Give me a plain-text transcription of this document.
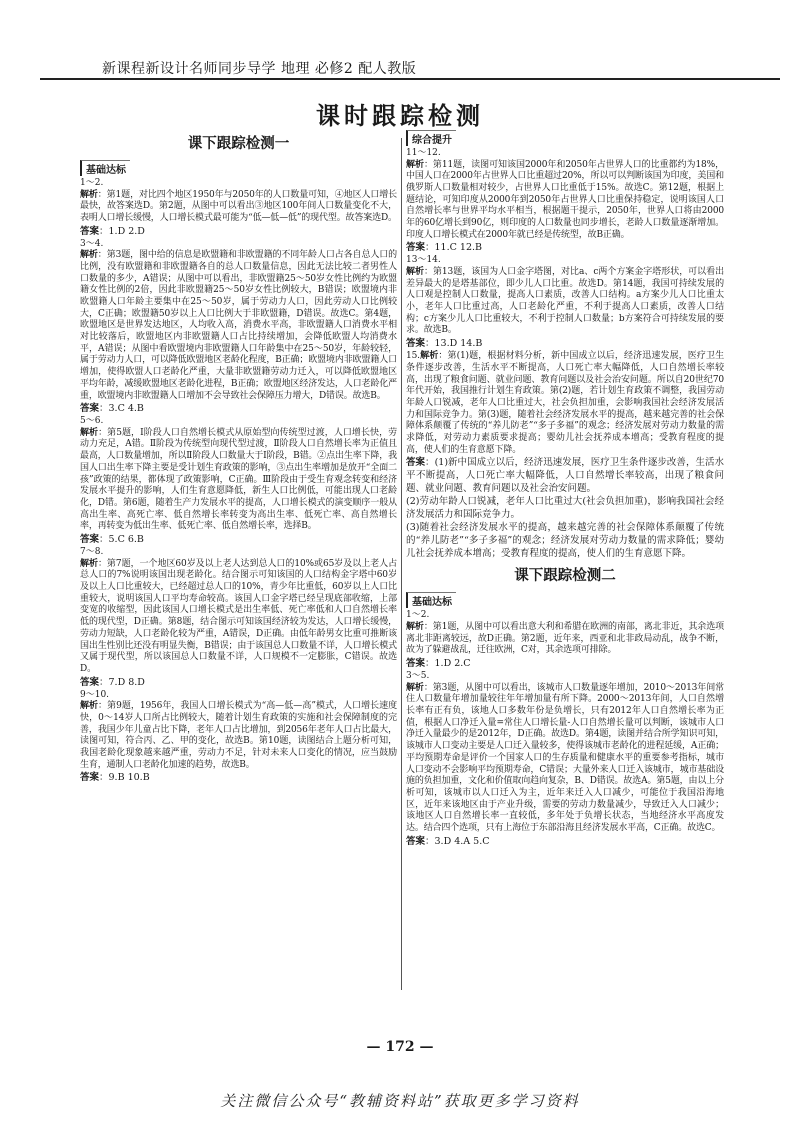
新课程新设计名师同步导学 地理 必修2 配人教版
课时跟踪检测
课下跟踪检测一
基础达标
1～2.

解析：第1题，对比四个地区1950年与2050年的人口数量可知，④地区人口增长最快，故答案选D。第2题，从图中可以看出③地区100年间人口数量变化不大，表明人口增长缓慢，人口增长模式最可能为“低—低—低”的现代型。故答案选D。

答案：1.D 2.D

3～4.

解析：第3题，图中给的信息是欧盟籍和非欧盟籍的不同年龄人口占各自总人口的比例，没有欧盟籍和非欧盟籍各自的总人口数量信息，因此无法比较二者男性人口数量的多少，A错误；从图中可以看出，非欧盟籍25～50岁女性比例约为欧盟籍女性比例的2倍，因此非欧盟籍25～50岁女性比例较大，B错误；欧盟境内非欧盟籍人口年龄主要集中在25～50岁，属于劳动力人口，因此劳动人口比例较大，C正确；欧盟籍50岁以上人口比例大于非欧盟籍，D错误。故选C。第4题，欧盟地区是世界发达地区，人均收入高，消费水平高，非欧盟籍人口消费水平相对比较落后，欧盟地区内非欧盟籍人口占比持续增加，会降低欧盟人均消费水平，A错误；从图中看欧盟境内非欧盟籍人口年龄集中在25～50岁，年龄较轻，属于劳动力人口，可以降低欧盟地区老龄化程度，B正确；欧盟境内非欧盟籍人口增加，使得欧盟人口老龄化严重，大量非欧盟籍劳动力迁入，可以降低欧盟地区平均年龄，减缓欧盟地区老龄化进程，B正确；欧盟地区经济发达，人口老龄化严重，欧盟境内非欧盟籍人口增加不会导致社会保障压力增大，D错误。故选B。

答案：3.C 4.B

5～6.

解析：第5题，Ⅰ阶段人口自然增长模式从原始型向传统型过渡，人口增长快，劳动力充足，A错。Ⅱ阶段为传统型向现代型过渡，Ⅱ阶段人口自然增长率为正值且最高，人口数量增加，所以Ⅱ阶段人口数量大于Ⅰ阶段，B错。②点出生率下降，我国人口出生率下降主要是受计划生育政策的影响，③点出生率增加是放开“全面二孩”政策的结果，都体现了政策影响，C正确。Ⅲ阶段由于受生育观念转变和经济发展水平提升的影响，人们生育意愿降低，新生人口比例低，可能出现人口老龄化，D错。第6题，随着生产力发展水平的提高，人口增长模式的演变顺序一般从高出生率、高死亡率、低自然增长率转变为高出生率、低死亡率、高自然增长率，再转变为低出生率、低死亡率、低自然增长率，选择B。

答案：5.C 6.B

7～8.

解析：第7题，一个地区60岁及以上老人达到总人口的10%或65岁及以上老人占总人口的7%说明该国出现老龄化。结合图示可知该国的人口结构金字塔中60岁及以上人口比重较大，已经超过总人口的10%，青少年比重低，60岁以上人口比重较大，说明该国人口平均寿命较高。该国人口金字塔已经呈现底部收缩，上部变宽的收缩型，因此该国人口增长模式是出生率低、死亡率低和人口自然增长率低的现代型，D正确。第8题，结合图示可知该国经济较为发达，人口增长缓慢，劳动力短缺，人口老龄化较为严重，A错误，D正确。由低年龄男女比重可推断该国出生性别比还没有明显失衡，B错误；由于该国总人口数量不详，人口增长模式又属于现代型，所以该国总人口数量不详，人口规模不一定膨胀，C错误。故选D。

答案：7.D 8.D

9～10.

解析：第9题，1956年，我国人口增长模式为“高—低—高”模式，人口增长速度快，0～14岁人口所占比例较大，随着计划生育政策的实施和社会保障制度的完善，我国少年儿童占比下降，老年人口占比增加，到2056年老年人口占比最大，读图可知，符合丙、乙、甲的变化，故选B。第10题，读图结合上题分析可知，我国老龄化现象越来越严重，劳动力不足，针对未来人口变化的情况，应当鼓励生育，通制人口老龄化加速的趋势，故选B。

答案：9.B 10.B

综合提升
11～12.

解析：第11题，读图可知该国2000年和2050年占世界人口的比重都约为18%，中国人口在2000年占世界人口比重超过20%，所以可以判断该国为印度，美国和俄罗斯人口数量相对较少，占世界人口比重低于15%。故选C。第12题，根据上题结论，可知印度从2000年到2050年占世界人口比重保持稳定，说明该国人口自然增长率与世界平均水平相当，根据题干提示，2050年，世界人口将由2000年的60亿增长到90亿，则印度的人口数量也同步增长，老龄人口数量逐渐增加。印度人口增长模式在2000年就已经是传统型，故B正确。

答案：11.C 12.B

13～14.

解析：第13题，该国为人口金字塔图，对比a、c两个方案金字塔形状，可以看出差异最大的是塔基部位，即少儿人口比重。故选D。第14题，我国可持续发展的人口观是控制人口数量，提高人口素质，改善人口结构。a方案少儿人口比重太小，老年人口比重过高，人口老龄化严重，不利于提高人口素质，改善人口结构；c方案少儿人口比重较大，不利于控制人口数量；b方案符合可持续发展的要求。故选B。

答案：13.D 14.B

15.解析：第(1)题，根据材料分析，新中国成立以后，经济迅速发展，医疗卫生条件逐步改善，生活水平不断提高，人口死亡率大幅降低，人口自然增长率较高，出现了粮食问题、就业问题、教育问题以及社会治安问题。所以自20世纪70年代开始，我国推行计划生育政策。第(2)题，若计划生育政策不调整，我国劳动年龄人口锐减，老年人口比重过大，社会负担加重，会影响我国社会经济发展活力和国际竞争力。第(3)题，随着社会经济发展水平的提高，越来越完善的社会保障体系颠覆了传统的“养儿防老”“多子多福”的观念；经济发展对劳动力数量的需求降低，对劳动力素质要求提高；婴幼儿社会抚养成本增高；受教育程度的提高，使人们的生育意愿下降。

答案：(1)新中国成立以后，经济迅速发展，医疗卫生条件逐步改善，生活水平不断提高，人口死亡率大幅降低，人口自然增长率较高，出现了粮食问题、就业问题、教育问题以及社会治安问题。

(2)劳动年龄人口锐减，老年人口比重过大(社会负担加重)，影响我国社会经济发展活力和国际竞争力。

(3)随着社会经济发展水平的提高，越来越完善的社会保障体系颠覆了传统的“养儿防老”“多子多福”的观念；经济发展对劳动力数量的需求降低；婴幼儿社会抚养成本增高；受教育程度的提高，使人们的生育意愿下降。

课下跟踪检测二
基础达标
1～2.

解析：第1题，从图中可以看出意大利和希腊在欧洲的南部，离北非近，其余选项离北非距离较远，故D正确。第2题，近年来，西亚和北非政局动乱，战争不断，故为了躲避战乱，迁往欧洲，C对，其余选项可排除。

答案：1.D 2.C

3～5.

解析：第3题，从图中可以看出，该城市人口数量逐年增加，2010～2013年间常住人口数量年增加量较往年年增加量有所下降。2000～2013年间，人口自然增长率有正有负，该地人口多数年份是负增长，只有2012年人口自然增长率为正值，根据人口净迁入量=常住人口增长量-人口自然增长量可以判断，该城市人口净迁入量最少的是2012年，D正确。故选D。第4题，读图并结合所学知识可知，该城市人口变动主要是人口迁入量较多，使得该城市老龄化的进程延缓，A正确；平均预期寿命是评价一个国家人口的生存质量和健康水平的重要参考指标，城市人口变动不会影响平均预期寿命，C错误；大量外来人口迁入该城市，城市基础设施的负担加重，文化和价值取向趋向复杂，B、D错误。故选A。第5题，由以上分析可知，该城市以人口迁入为主，近年来迁入人口减少，可能位于我国沿海地区，近年来该地区由于产业升级，需要的劳动力数量减少，导致迁入人口减少；该地区人口自然增长率一直较低，多年处于负增长状态，当地经济水平高度发达。结合四个选项，只有上海位于东部沿海且经济发展水平高，C正确。故选C。

答案：3.D 4.A 5.C

— 172 —
关注微信公众号“教辅资料站”获取更多学习资料
